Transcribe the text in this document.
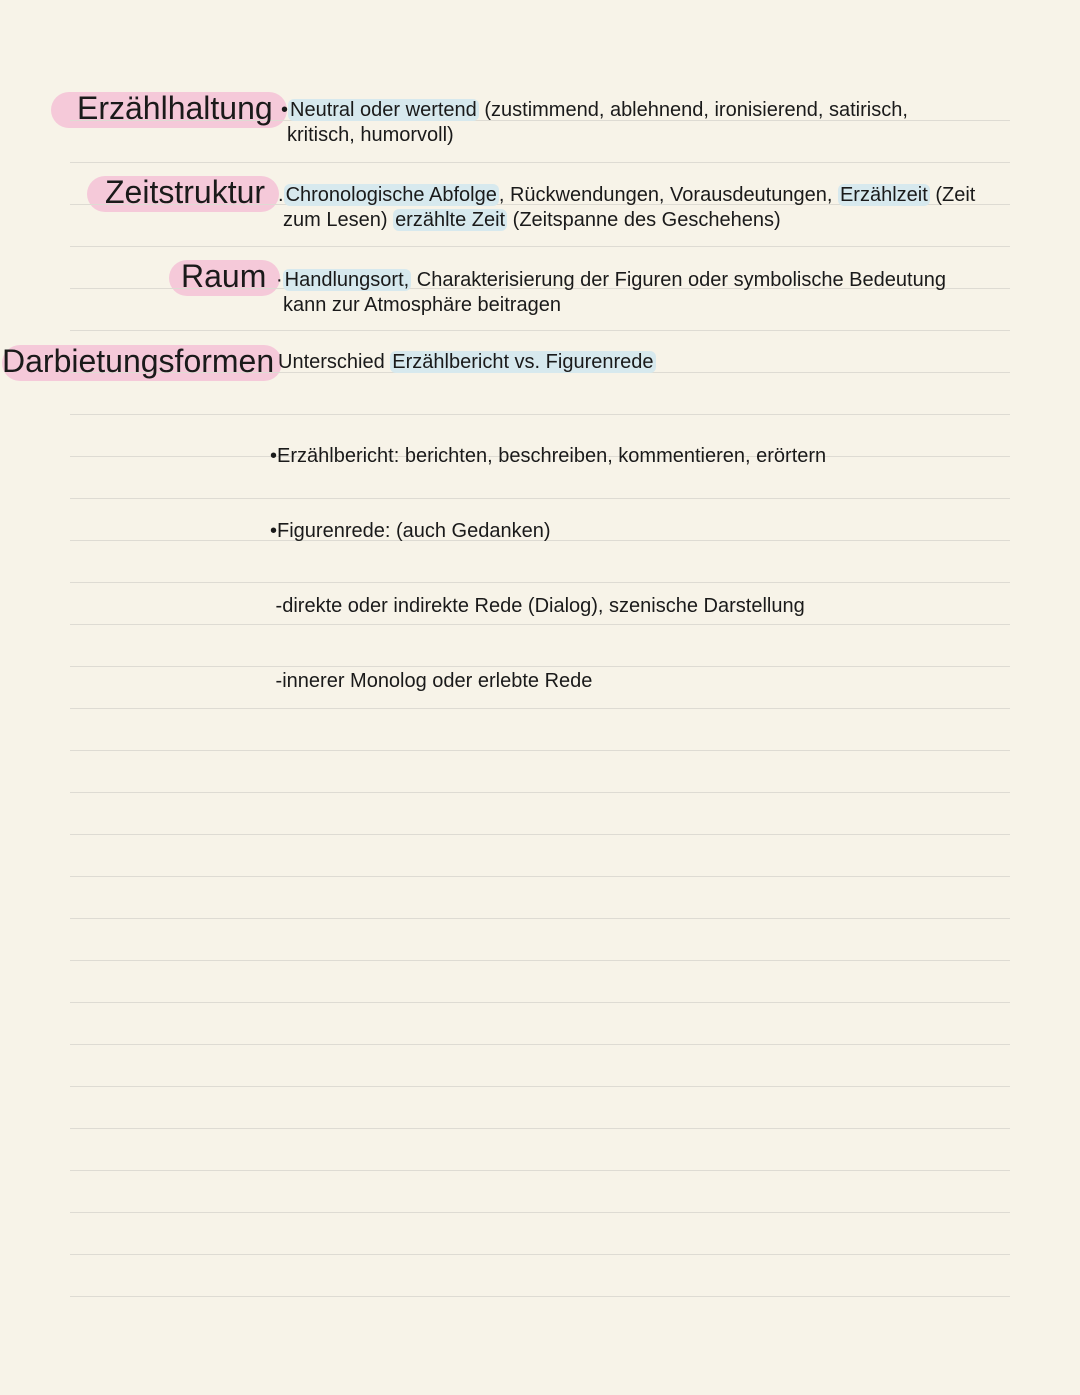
Erzählhaltung • Neutral oder wertend (zustimmend, ablehnend, ironisierend, satirisch,
kritisch, humorvoll)
Zeitstruktur . Chronologische Abfolge , Rückwendungen, Vorausdeutungen, Erzählzeit (Zeit
zum Lesen) erzählte Zeit (Zeitspanne des Geschehens)
Raum · Handlungsort, Charakterisierung der Figuren oder symbolische Bedeutung
kann zur Atmosphäre beitragen
Darbietungsformen Unterschied Erzählbericht vs. Figurenrede

•Erzählbericht: berichten, beschreiben, kommentieren, erörtern

•Figurenrede: (auch Gedanken)

-direkte oder indirekte Rede (Dialog), szenische Darstellung

-innerer Monolog oder erlebte Rede
